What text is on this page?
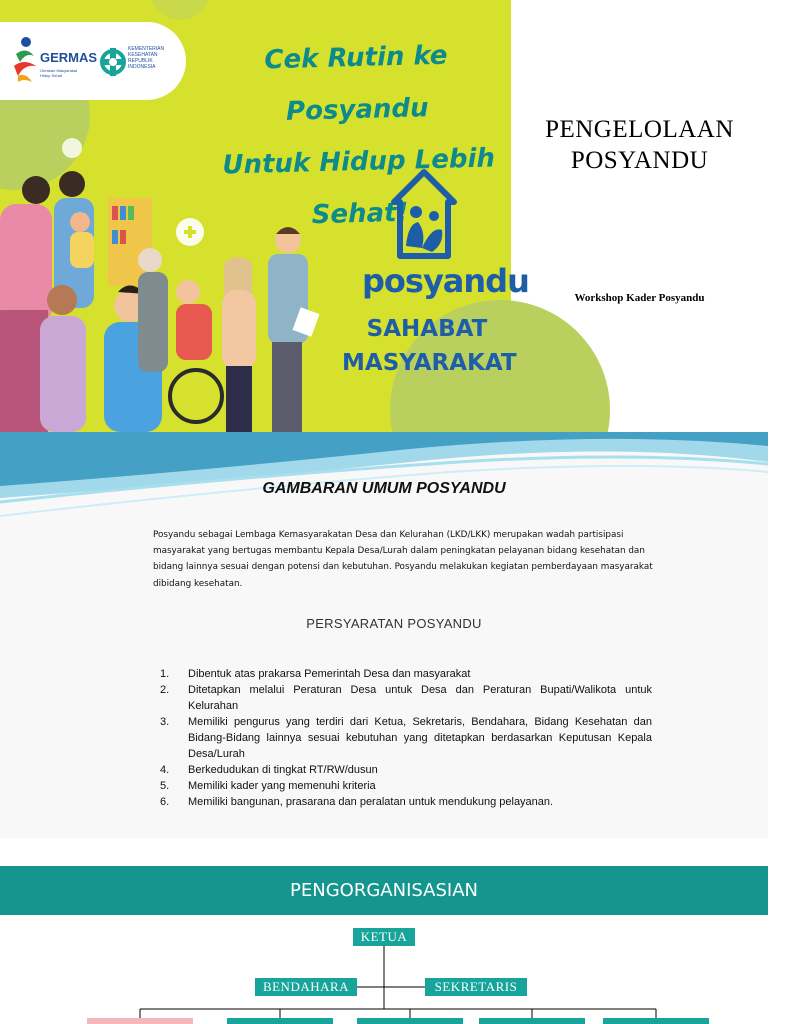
GERMAS
Gerakan Masyarakat Hidup Sehat
KEMENTERIAN KESEHATAN REPUBLIK INDONESIA	Cek Rutin ke Posyandu
Untuk Hidup Lebih Sehat!
posyandu
SAHABAT
MASYARAKAT
PENGELOLAAN
POSYANDU
Workshop Kader Posyandu
GAMBARAN UMUM POSYANDU

Posyandu sebagai Lembaga Kemasyarakatan Desa dan Kelurahan (LKD/LKK) merupakan wadah partisipasi masyarakat yang bertugas membantu Kepala Desa/Lurah dalam peningkatan pelayanan bidang kesehatan dan bidang lainnya sesuai dengan potensi dan kebutuhan. Posyandu melakukan kegiatan pemberdayaan masyarakat dibidang kesehatan.

PERSYARATAN POSYANDU
1.	Dibentuk atas prakarsa Pemerintah Desa dan masyarakat
2.	Ditetapkan melalui Peraturan Desa untuk Desa dan Peraturan Bupati/Walikota untuk Kelurahan
3.	Memiliki pengurus yang terdiri dari Ketua, Sekretaris, Bendahara, Bidang Kesehatan dan Bidang-Bidang lainnya sesuai kebutuhan yang ditetapkan berdasarkan Keputusan Kepala Desa/Lurah
4.	Berkedudukan di tingkat RT/RW/dusun
5.	Memiliki kader yang memenuhi kriteria
6.	Memiliki bangunan, prasarana dan peralatan untuk mendukung pelayanan.
PENGORGANISASIAN
KETUA
BENDAHARA	SEKRETARIS
